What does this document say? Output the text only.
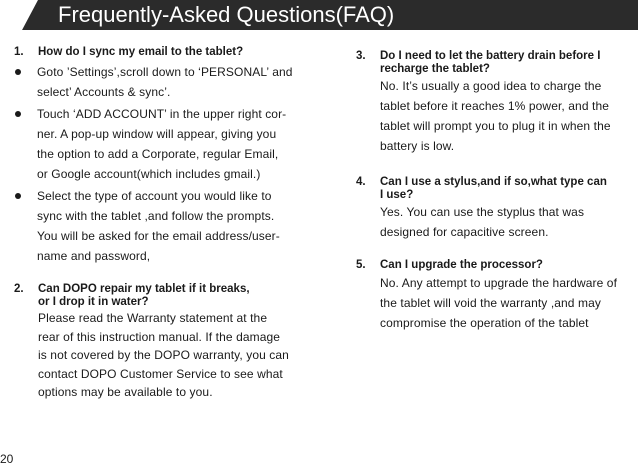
Frequently-Asked Questions(FAQ)
1.	How do I sync my email to the tablet?
Goto ’Settings’,scroll down to ‘PERSONAL’ and
select’ Accounts & sync’.
Touch ‘ADD ACCOUNT’ in the upper right cor-
ner. A pop-up window will appear, giving you
the option to add a Corporate, regular Email,
or Google account(which includes gmail.)
Select the type of account you would like to
sync with the tablet ,and follow the prompts.
You will be asked for the email address/user-
name and password,
2.	Can DOPO repair my tablet if it breaks,
or I drop it in water?
Please read the Warranty statement at the
rear of this instruction manual. If the damage
is not covered by the DOPO warranty, you can
contact DOPO Customer Service to see what
options may be available to you.
3.	Do I need to let the battery drain before I
recharge the tablet?
No. It’s usually a good idea to charge the
tablet before it reaches 1% power, and the
tablet will prompt you to plug it in when the
battery is low.
4.	Can I use a stylus,and if so,what type can
I use?
Yes. You can use the styplus that was
designed for capacitive screen.
5.	Can I upgrade the processor?
No. Any attempt to upgrade the hardware of
the tablet will void the warranty ,and may
compromise the operation of the tablet
20
